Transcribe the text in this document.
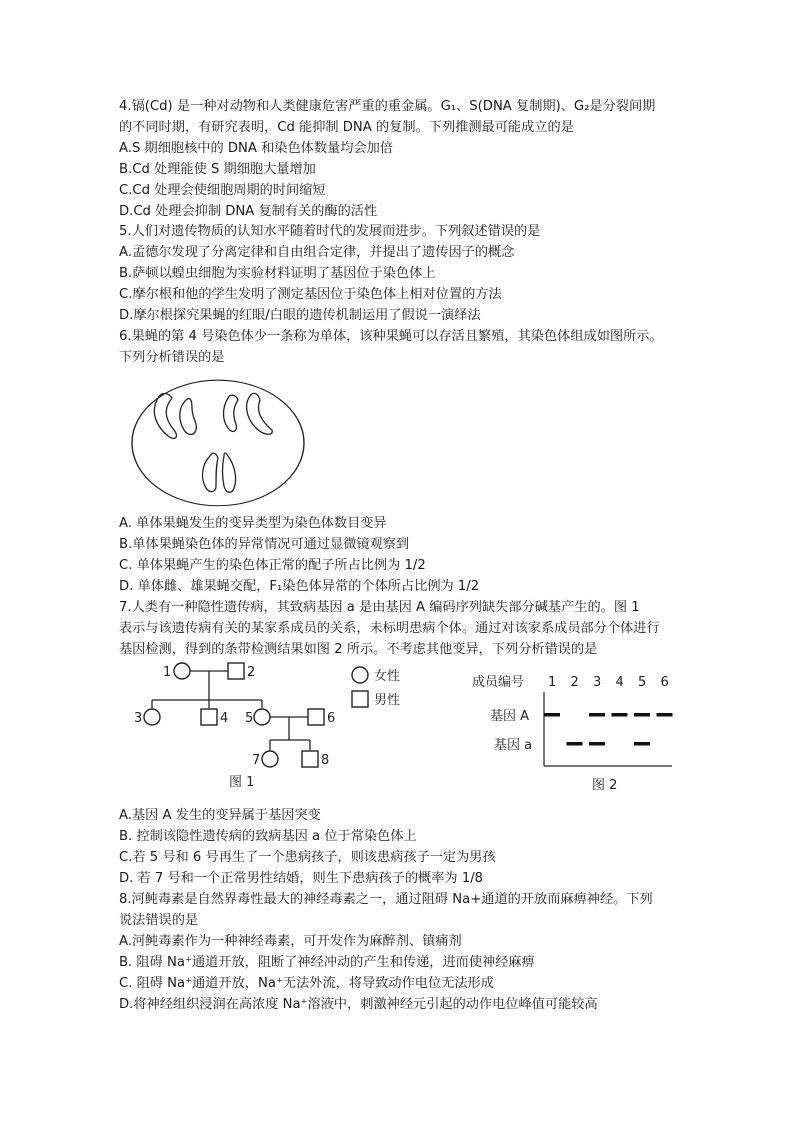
4.镉(Cd) 是一种对动物和人类健康危害严重的重金属。G₁、S(DNA 复制期)、G₂是分裂间期
的不同时期，有研究表明，Cd 能抑制 DNA 的复制。下列推测最可能成立的是
A.S 期细胞核中的 DNA 和染色体数量均会加倍
B.Cd 处理能使 S 期细胞大量增加
C.Cd 处理会使细胞周期的时间缩短
D.Cd 处理会抑制 DNA 复制有关的酶的活性
5.人们对遗传物质的认知水平随着时代的发展而进步。下列叙述错误的是
A.孟德尔发现了分离定律和自由组合定律，并提出了遗传因子的概念
B.萨顿以蝗虫细胞为实验材料证明了基因位于染色体上
C.摩尔根和他的学生发明了测定基因位于染色体上相对位置的方法
D.摩尔根探究果蝇的红眼/白眼的遗传机制运用了假说一演绎法
6.果蝇的第 4 号染色体少一条称为单体，该种果蝇可以存活且繁殖，其染色体组成如图所示。
下列分析错误的是
A. 单体果蝇发生的变异类型为染色体数目变异
B.单体果蝇染色体的异常情况可通过显微镜观察到
C. 单体果蝇产生的染色体正常的配子所占比例为 1/2
D. 单体雌、雄果蝇交配，F₁染色体异常的个体所占比例为 1/2
7.人类有一种隐性遗传病，其致病基因 a 是由基因 A 编码序列缺失部分碱基产生的。图 1
表示与该遗传病有关的某家系成员的关系，未标明患病个体。通过对该家系成员部分个体进行
基因检测，得到的条带检测结果如图 2 所示。不考虑其他变异，下列分析错误的是
1	2
3	4 5	6
7	8
图 1
女性
男性
成员编号 1 2 3 4 5 6
基因 A
基因 a
图 2
A.基因 A 发生的变异属于基因突变
B. 控制该隐性遗传病的致病基因 a 位于常染色体上
C.若 5 号和 6 号再生了一个患病孩子，则该患病孩子一定为男孩
D. 若 7 号和一个正常男性结婚，则生下患病孩子的概率为 1/8
8.河鲀毒素是自然界毒性最大的神经毒素之一，通过阻碍 Na+通道的开放而麻痹神经。下列
说法错误的是
A.河鲀毒素作为一种神经毒素，可开发作为麻醉剂、镇痛剂
B. 阻碍 Na⁺通道开放，阻断了神经冲动的产生和传递，进而使神经麻痹
C. 阻碍 Na⁺通道开放，Na⁺无法外流，将导致动作电位无法形成
D.将神经组织浸润在高浓度 Na⁺溶液中，刺激神经元引起的动作电位峰值可能较高
